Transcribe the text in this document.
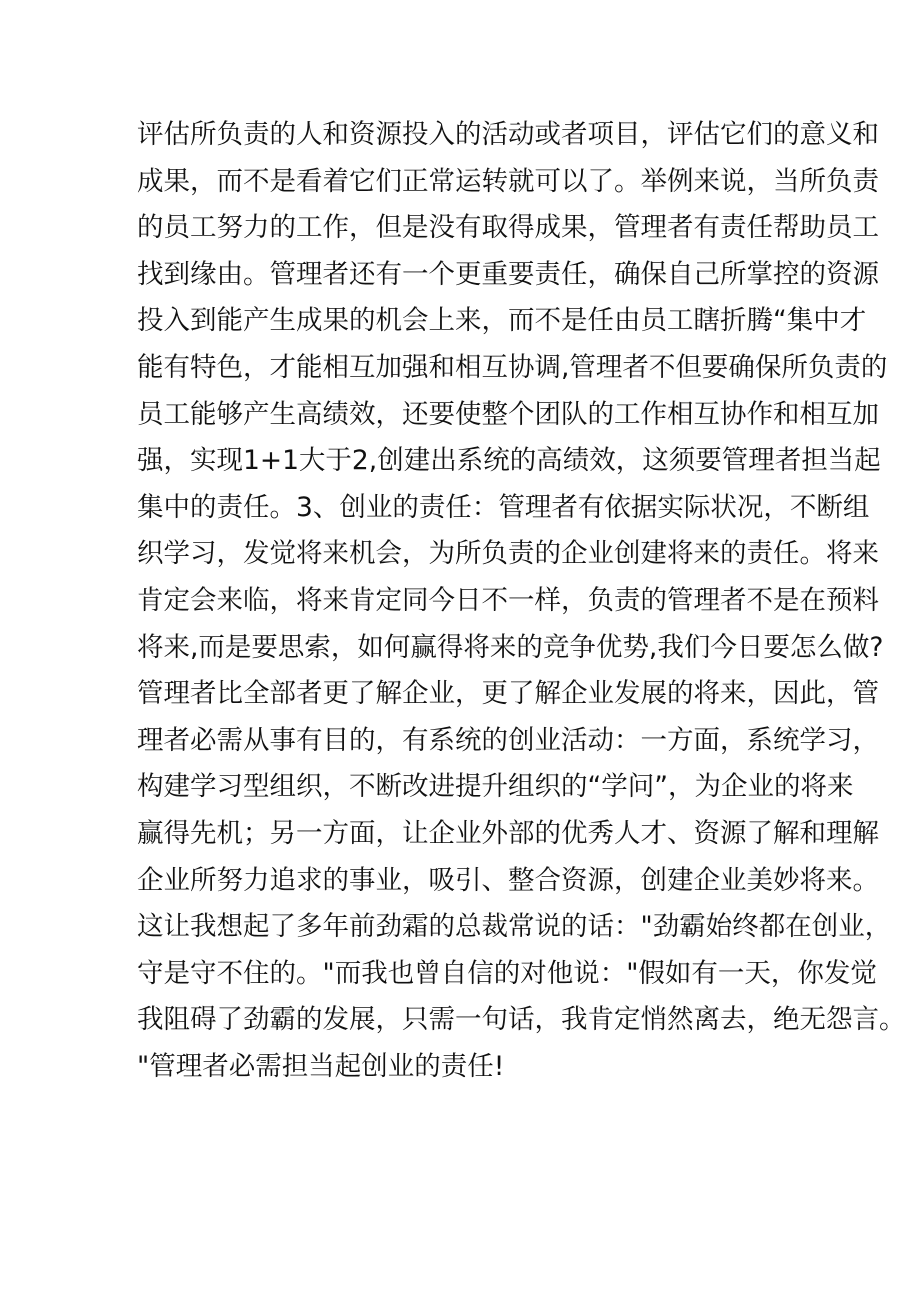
评估所负责的人和资源投入的活动或者项目，评估它们的意义和
成果，而不是看着它们正常运转就可以了。举例来说，当所负责
的员工努力的工作，但是没有取得成果，管理者有责任帮助员工
找到缘由。管理者还有一个更重要责任，确保自己所掌控的资源
投入到能产生成果的机会上来，而不是任由员工瞎折腾“集中才
能有特色，才能相互加强和相互协调,管理者不但要确保所负责的
员工能够产生高绩效，还要使整个团队的工作相互协作和相互加
强，实现1+1大于2,创建出系统的高绩效，这须要管理者担当起
集中的责任。3、创业的责任：管理者有依据实际状况，不断组
织学习，发觉将来机会，为所负责的企业创建将来的责任。将来
肯定会来临，将来肯定同今日不一样，负责的管理者不是在预料
将来,而是要思索，如何赢得将来的竞争优势,我们今日要怎么做?
管理者比全部者更了解企业，更了解企业发展的将来，因此，管
理者必需从事有目的，有系统的创业活动：一方面，系统学习，
构建学习型组织，不断改进提升组织的“学问”，为企业的将来
赢得先机；另一方面，让企业外部的优秀人才、资源了解和理解
企业所努力追求的事业，吸引、整合资源，创建企业美妙将来。
这让我想起了多年前劲霜的总裁常说的话："劲霸始终都在创业，
守是守不住的。"而我也曾自信的对他说："假如有一天，你发觉
我阻碍了劲霸的发展，只需一句话，我肯定悄然离去，绝无怨言。
"管理者必需担当起创业的责任!
